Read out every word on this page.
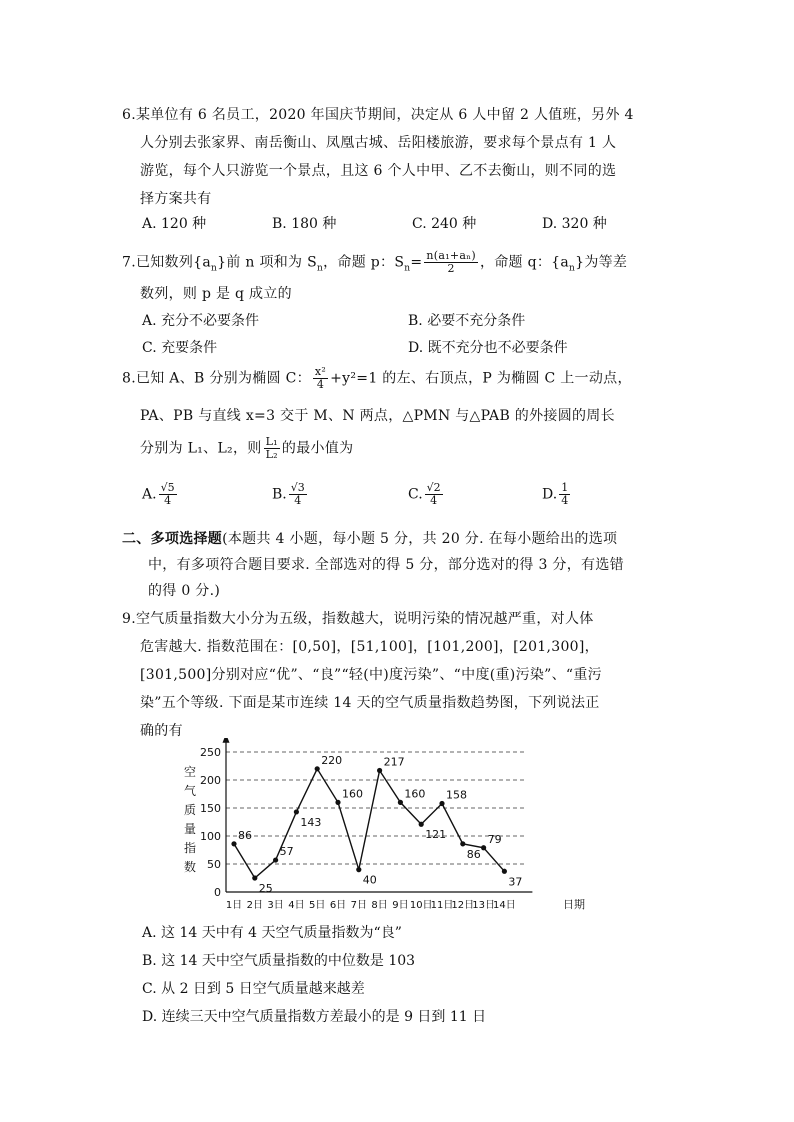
6.某单位有 6 名员工，2020 年国庆节期间，决定从 6 人中留 2 人值班，另外 4
人分别去张家界、南岳衡山、凤凰古城、岳阳楼旅游，要求每个景点有 1 人
游览，每个人只游览一个景点，且这 6 个人中甲、乙不去衡山，则不同的选
择方案共有
A. 120 种	B. 180 种	C. 240 种	D. 320 种
7.已知数列$\{a_n\}$前 n 项和为 $S_n$，命题 p：$S_n= \frac{\text{n(a₁+aₙ)}}{2}$ ，命题 q：$\{a_n\}$为等差
数列，则 p 是 q 成立的
A. 充分不必要条件	B. 必要不充分条件
C. 充要条件	D. 既不充分也不必要条件
8.已知 A、B 分别为椭圆 C： $\frac{\text{x²}}{4} +y^2=1$ 的左、右顶点，P 为椭圆 C 上一动点，
PA、PB 与直线 x=3 交于 M、N 两点，△PMN 与△PAB 的外接圆的周长
分别为 L₁、L₂，则 $\frac{\text{L₁}}{\text{L₂}}$ 的最小值为
A. $\frac{√5}{4}$	B. $\frac{√3}{4}$	C. $\frac{√2}{4}$	D. $\frac{1}{4}$
二、多项选择题(本题共 4 小题，每小题 5 分，共 20 分. 在每小题给出的选项
中，有多项符合题目要求. 全部选对的得 5 分，部分选对的得 3 分，有选错
的得 0 分.)
9.空气质量指数大小分为五级，指数越大，说明污染的情况越严重，对人体
危害越大. 指数范围在：[0,50]，[51,100]，[101,200]，[201,300]，
[301,500]分别对应“优”、“良”“轻(中)度污染”、“中度(重)污染”、“重污
染”五个等级. 下面是某市连续 14 天的空气质量指数趋势图，下列说法正
确的有
0
50
100
150
200
250
1日 2日 3日 4日 5日 6日 7日 8日 9日 10日
11日
12日
13日
14日
空
气
质
量
指
数
日期
86
25
57
143
220
160
40
217
160
121
158
86
79
37
A. 这 14 天中有 4 天空气质量指数为“良”
B. 这 14 天中空气质量指数的中位数是 103
C. 从 2 日到 5 日空气质量越来越差
D. 连续三天中空气质量指数方差最小的是 9 日到 11 日
